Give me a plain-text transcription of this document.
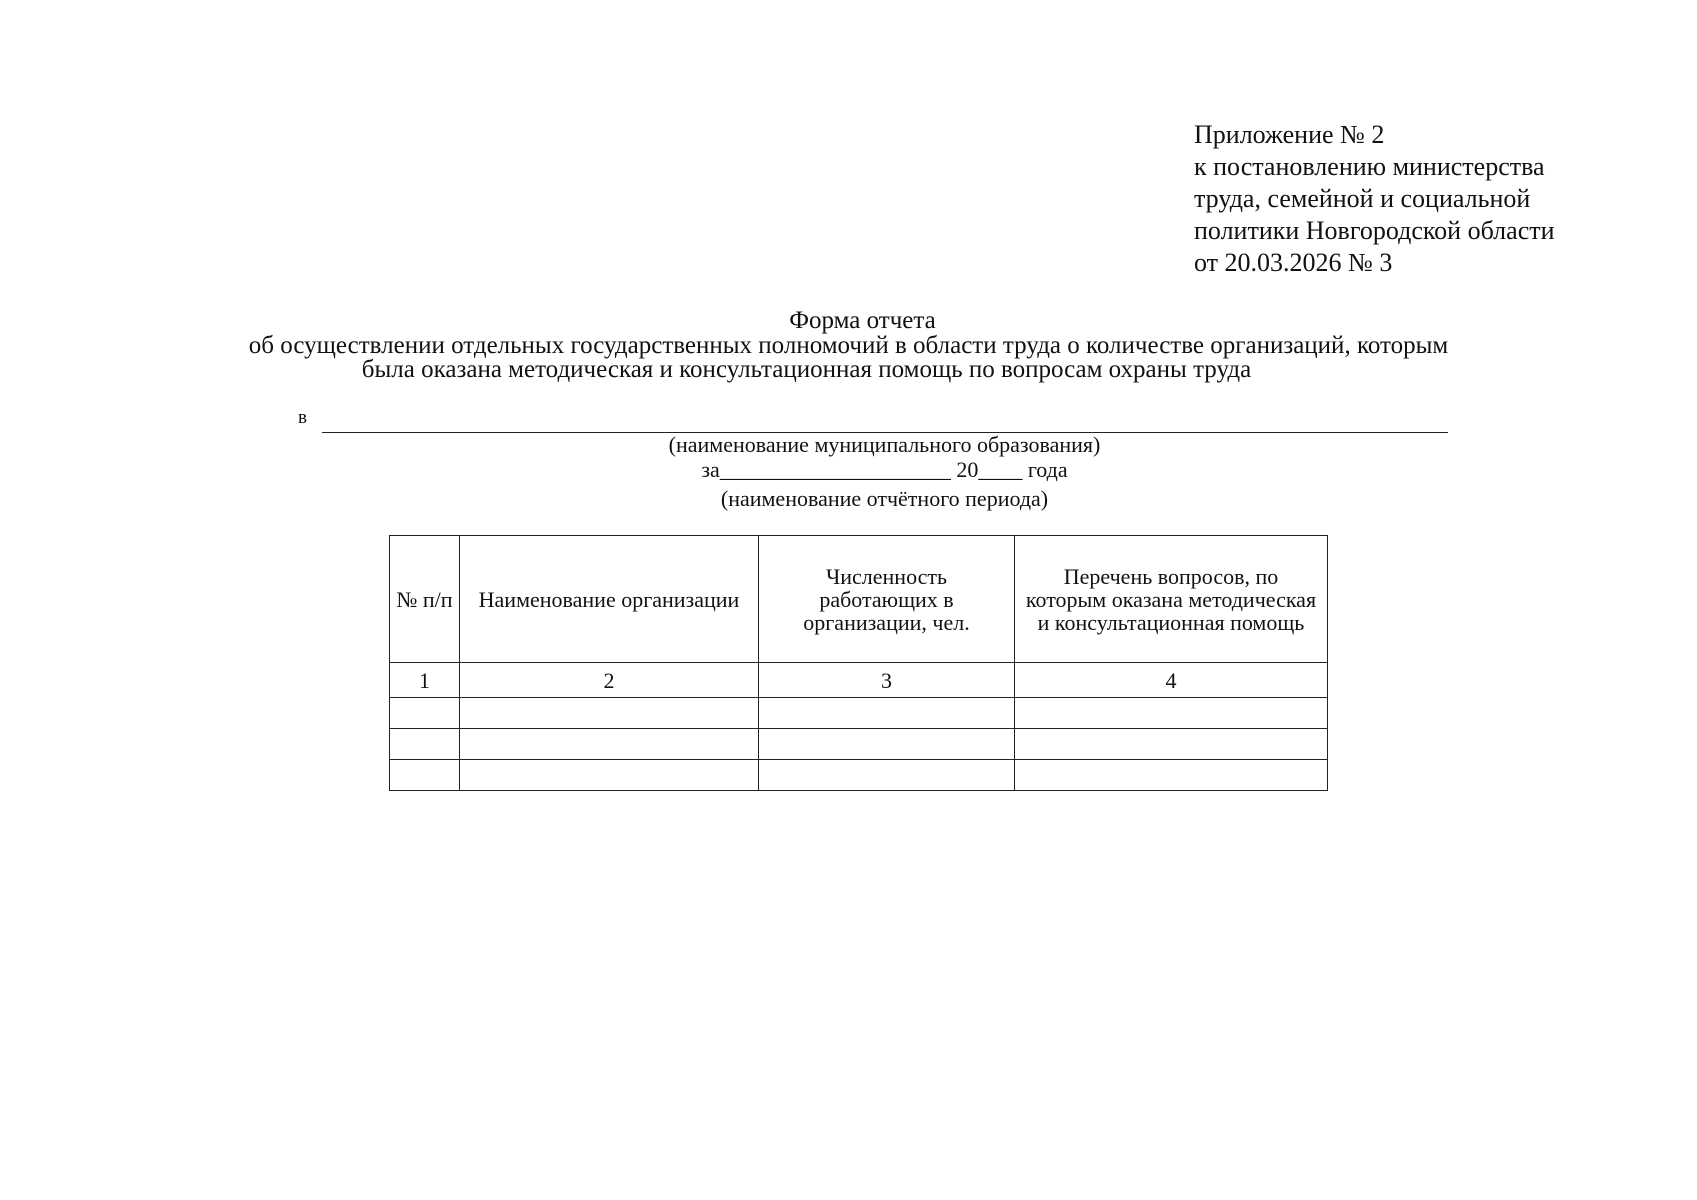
Приложение № 2
к постановлению министерства
труда, семейной и социальной
политики Новгородской области
от 20.03.2026 № 3
Форма отчета
об осуществлении отдельных государственных полномочий в области труда о количестве организаций, которым
была оказана методическая и консультационная помощь по вопросам охраны труда
в
(наименование муниципального образования)
за_____________________ 20____ года
(наименование отчётного периода)
№ п/п	Наименование организации	Численность работающих в организации, чел.	Перечень вопросов, по которым оказана методическая и консультационная помощь
1	2	3	4
